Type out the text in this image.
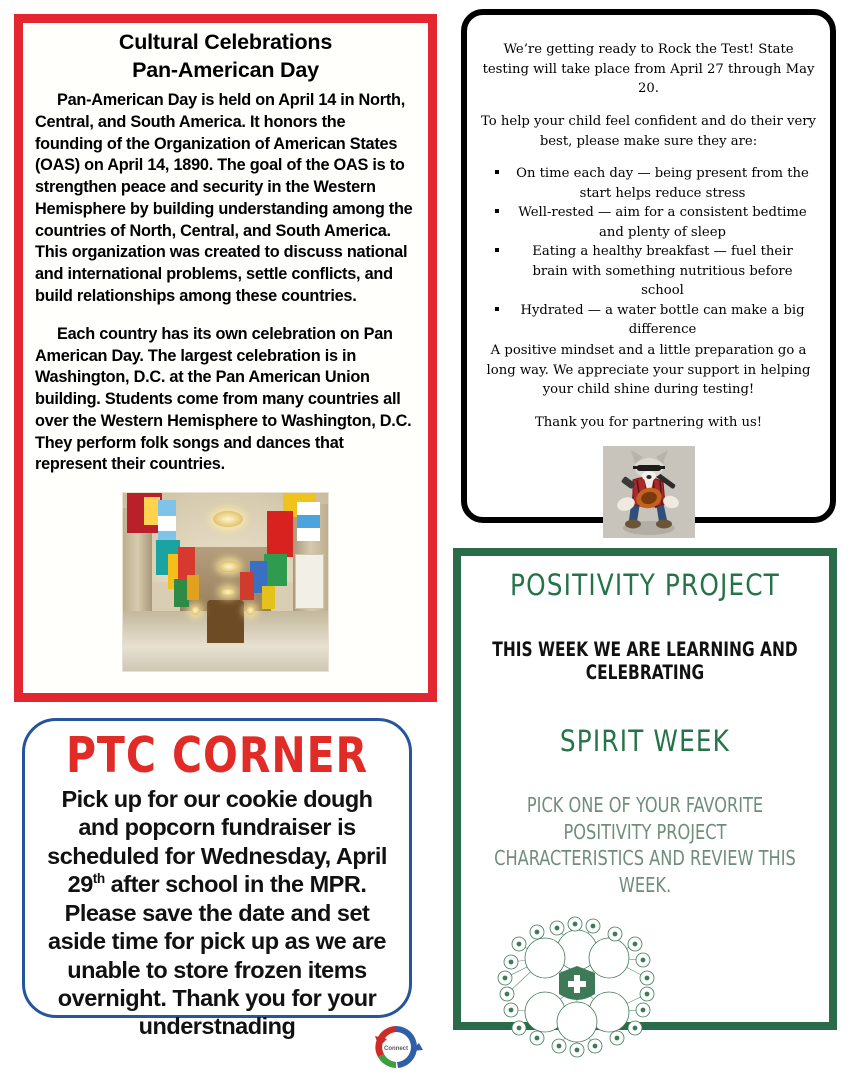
Cultural Celebrations
Pan-American Day

Pan-American Day is held on April 14 in North, Central, and South America. It honors the founding of the Organization of American States (OAS) on April 14, 1890. The goal of the OAS is to strengthen peace and security in the Western Hemisphere by building understanding among the countries of North, Central, and South America. This organization was created to discuss national and international problems, settle conflicts, and build relationships among these countries.

Each country has its own celebration on Pan American Day. The largest celebration is in Washington, D.C. at the Pan American Union building. Students come from many countries all over the Western Hemisphere to Washington, D.C. They perform folk songs and dances that represent their countries.

We’re getting ready to Rock the Test! State testing will take place from April 27 through May 20.

To help your child feel confident and do their very best, please make sure they are:

On time each day — being present from the start helps reduce stress
Well-rested — aim for a consistent bedtime and plenty of sleep
Eating a healthy breakfast — fuel their brain with something nutritious before school
Hydrated — a water bottle can make a big difference

A positive mindset and a little preparation go a long way. We appreciate your support in helping your child shine during testing!

Thank you for partnering with us!

PTC CORNER

Pick up for our cookie dough and popcorn fundraiser is scheduled for Wednesday, April 29th after school in the MPR. Please save the date and set aside time for pick up as we are unable to store frozen items overnight. Thank you for your understnading

Connect
POSITIVITY PROJECT
THIS WEEK WE ARE LEARNING AND CELEBRATING
SPIRIT WEEK
PICK ONE OF YOUR FAVORITE POSITIVITY PROJECT CHARACTERISTICS AND REVIEW THIS WEEK.
